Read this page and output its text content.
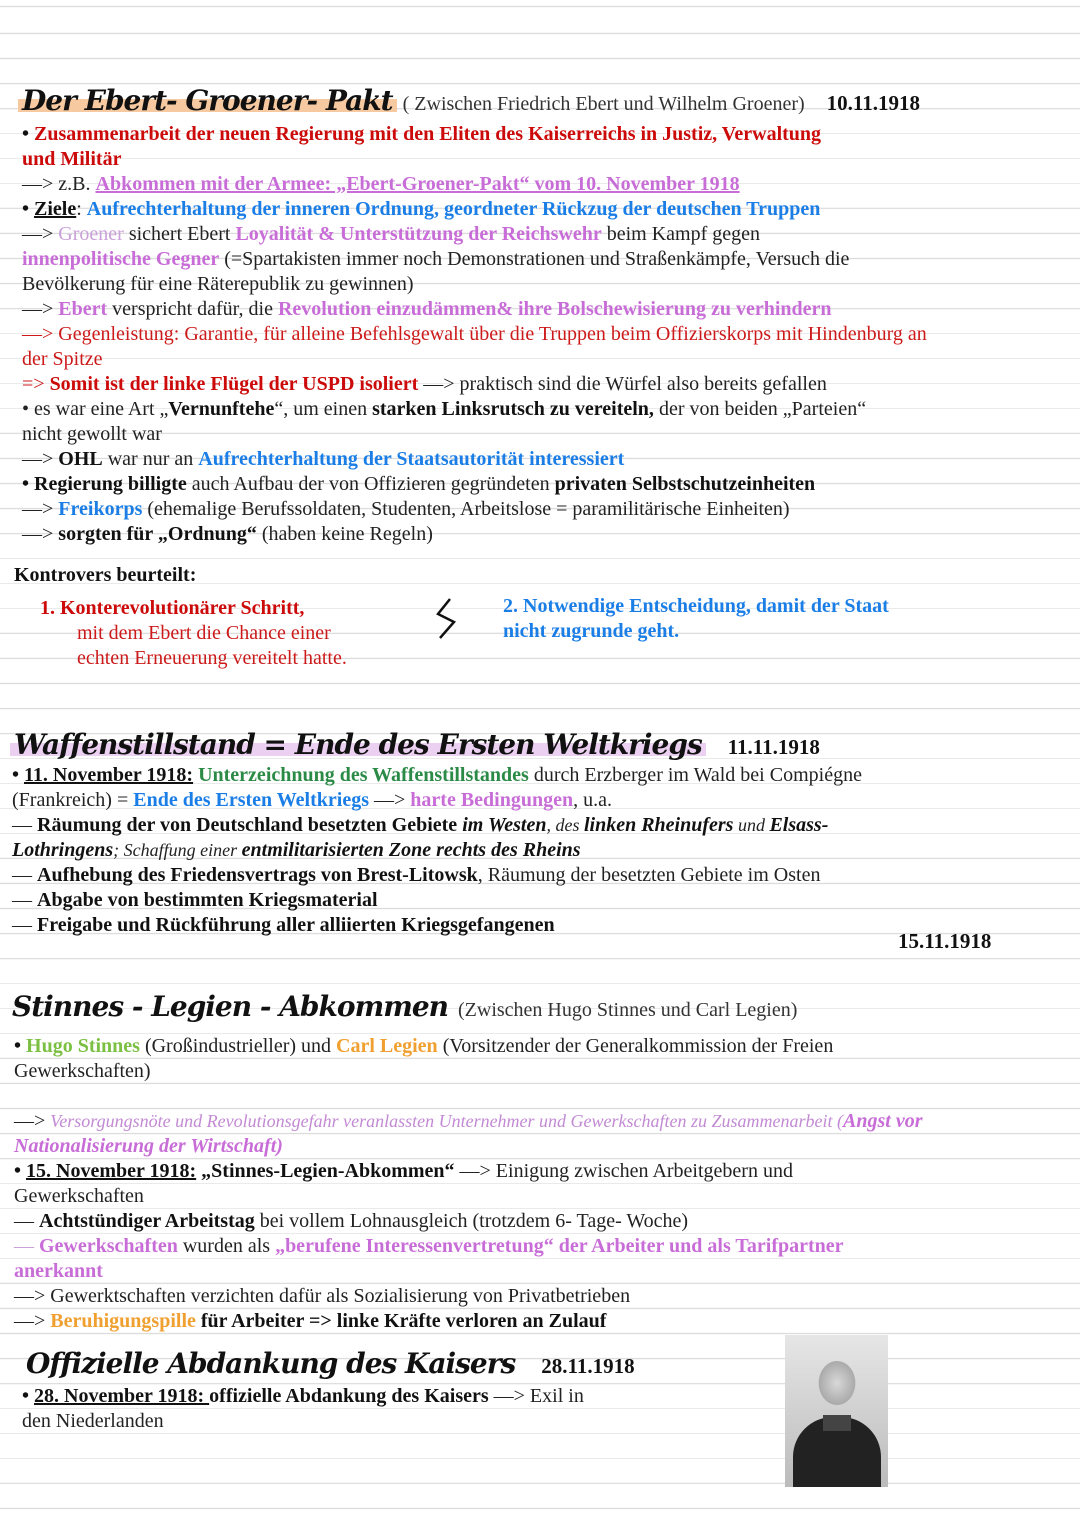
Der Ebert- Groener- Pakt ( Zwischen Friedrich Ebert und Wilhelm Groener) 10.11.1918
• Zusammenarbeit der neuen Regierung mit den Eliten des Kaiserreichs in Justiz, Verwaltung
und Militär
—> z.B. Abkommen mit der Armee: „Ebert-Groener-Pakt“ vom 10. November 1918
• Ziele: Aufrechterhaltung der inneren Ordnung, geordneter Rückzug der deutschen Truppen
—> Groener sichert Ebert Loyalität & Unterstützung der Reichswehr beim Kampf gegen
innenpolitische Gegner (=Spartakisten immer noch Demonstrationen und Straßenkämpfe, Versuch die
Bevölkerung für eine Räterepublik zu gewinnen)
—> Ebert verspricht dafür, die Revolution einzudämmen& ihre Bolschewisierung zu verhindern
—> Gegenleistung: Garantie, für alleine Befehlsgewalt über die Truppen beim Offizierskorps mit Hindenburg an
der Spitze
=> Somit ist der linke Flügel der USPD isoliert —> praktisch sind die Würfel also bereits gefallen
• es war eine Art „Vernunftehe“, um einen starken Linksrutsch zu vereiteln, der von beiden „Parteien“
nicht gewollt war
—> OHL war nur an Aufrechterhaltung der Staatsautorität interessiert
• Regierung billigte auch Aufbau der von Offizieren gegründeten privaten Selbstschutzeinheiten
—> Freikorps (ehemalige Berufssoldaten, Studenten, Arbeitslose = paramilitärische Einheiten)
—> sorgten für „Ordnung“ (haben keine Regeln)
Kontrovers beurteilt:
1. Konterevolutionärer Schritt,
mit dem Ebert die Chance einer
echten Erneuerung vereitelt hatte.
2. Notwendige Entscheidung, damit der Staat
nicht zugrunde geht.
Waffenstillstand = Ende des Ersten Weltkriegs 11.11.1918
• 11. November 1918: Unterzeichnung des Waffenstillstandes durch Erzberger im Wald bei Compiégne
(Frankreich) = Ende des Ersten Weltkriegs —> harte Bedingungen, u.a.
— Räumung der von Deutschland besetzten Gebiete im Westen, des linken Rheinufers und Elsass-
Lothringens; Schaffung einer entmilitarisierten Zone rechts des Rheins
— Aufhebung des Friedensvertrags von Brest-Litowsk, Räumung der besetzten Gebiete im Osten
— Abgabe von bestimmten Kriegsmaterial
— Freigabe und Rückführung aller alliierten Kriegsgefangenen
15.11.1918
Stinnes - Legien - Abkommen (Zwischen Hugo Stinnes und Carl Legien)
• Hugo Stinnes (Großindustrieller) und Carl Legien (Vorsitzender der Generalkommission der Freien
Gewerkschaften)
—> Versorgungsnöte und Revolutionsgefahr veranlassten Unternehmer und Gewerkschaften zu Zusammenarbeit (Angst vor
Nationalisierung der Wirtschaft)
• 15. November 1918: „Stinnes-Legien-Abkommen“ —> Einigung zwischen Arbeitgebern und
Gewerkschaften
— Achtstündiger Arbeitstag bei vollem Lohnausgleich (trotzdem 6- Tage- Woche)
— Gewerkschaften wurden als „berufene Interessenvertretung“ der Arbeiter und als Tarifpartner
anerkannt
—> Gewerktschaften verzichten dafür als Sozialisierung von Privatbetrieben
—> Beruhigungspille für Arbeiter => linke Kräfte verloren an Zulauf
Offizielle Abdankung des Kaisers 28.11.1918
• 28. November 1918: offizielle Abdankung des Kaisers —> Exil in
den Niederlanden
